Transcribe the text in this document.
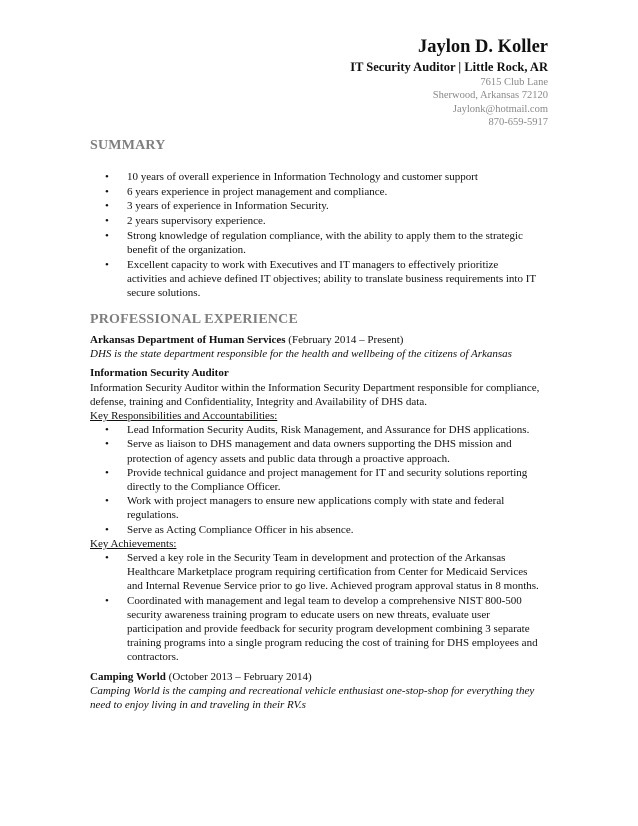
Jaylon D. Koller
IT Security Auditor | Little Rock, AR
7615 Club Lane
Sherwood, Arkansas 72120
Jaylonk@hotmail.com
870-659-5917
SUMMARY
• 10 years of overall experience in Information Technology and customer support
• 6 years experience in project management and compliance.
• 3 years of experience in Information Security.
• 2 years supervisory experience.
• Strong knowledge of regulation compliance, with the ability to apply them to the strategic benefit of the organization.
• Excellent capacity to work with Executives and IT managers to effectively prioritize activities and achieve defined IT objectives; ability to translate business requirements into IT secure solutions.
PROFESSIONAL EXPERIENCE

Arkansas Department of Human Services (February 2014 – Present)

DHS is the state department responsible for the health and wellbeing of the citizens of Arkansas

Information Security Auditor

Information Security Auditor within the Information Security Department responsible for compliance, defense, training and Confidentiality, Integrity and Availability of DHS data.

Key Responsibilities and Accountabilities:

• Lead Information Security Audits, Risk Management, and Assurance for DHS applications.
• Serve as liaison to DHS management and data owners supporting the DHS mission and protection of agency assets and public data through a proactive approach.
• Provide technical guidance and project management for IT and security solutions reporting directly to the Compliance Officer.
• Work with project managers to ensure new applications comply with state and federal regulations.
• Serve as Acting Compliance Officer in his absence.

Key Achievements:

• Served a key role in the Security Team in development and protection of the Arkansas Healthcare Marketplace program requiring certification from Center for Medicaid Services and Internal Revenue Service prior to go live. Achieved program approval status in 8 months.
• Coordinated with management and legal team to develop a comprehensive NIST 800-500 security awareness training program to educate users on new threats, evaluate user participation and provide feedback for security program development combining 3 separate training programs into a single program reducing the cost of training for DHS employees and contractors.

Camping World (October 2013 – February 2014)

Camping World is the camping and recreational vehicle enthusiast one-stop-shop for everything they need to enjoy living in and traveling in their RV.s
